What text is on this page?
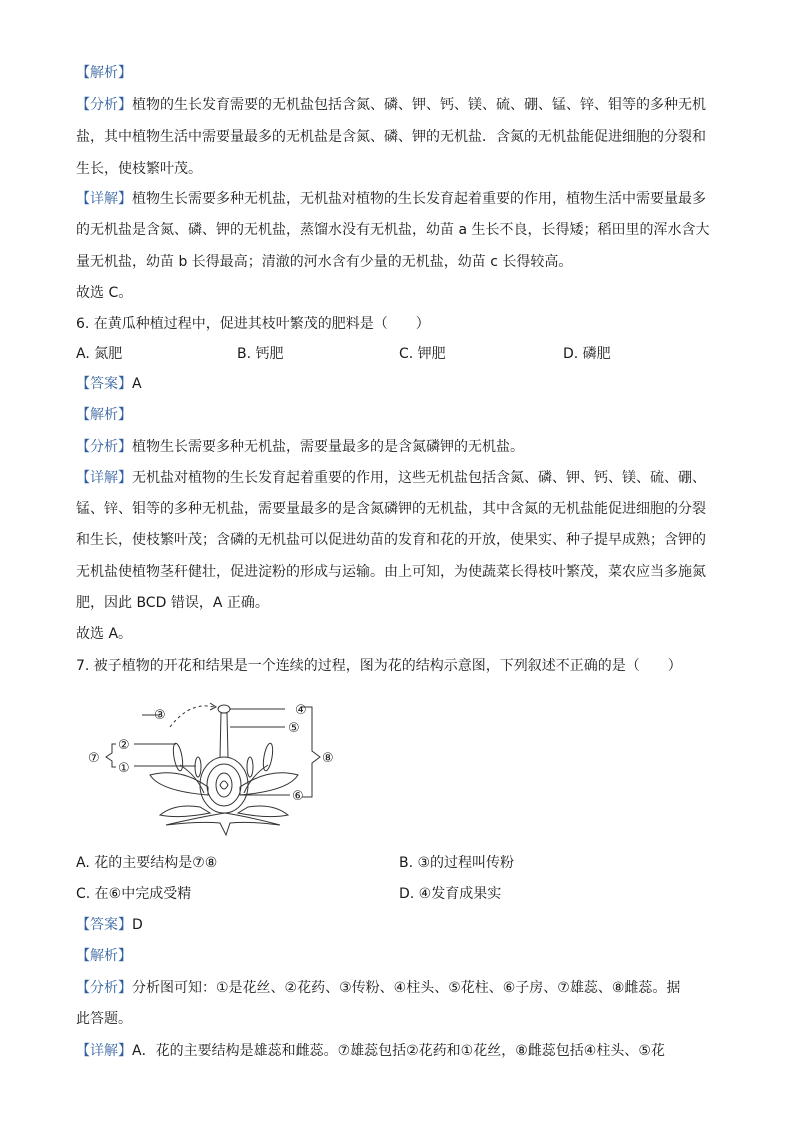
【解析】
【分析】植物的生长发育需要的无机盐包括含氮、磷、钾、钙、镁、硫、硼、锰、锌、钼等的多种无机
盐，其中植物生活中需要量最多的无机盐是含氮、磷、钾的无机盐．含氮的无机盐能促进细胞的分裂和
生长，使枝繁叶茂。
【详解】植物生长需要多种无机盐，无机盐对植物的生长发育起着重要的作用，植物生活中需要量最多
的无机盐是含氮、磷、钾的无机盐，蒸馏水没有无机盐，幼苗 a 生长不良，长得矮；稻田里的浑水含大
量无机盐，幼苗 b 长得最高；清澈的河水含有少量的无机盐，幼苗 c 长得较高。
故选 C。
6. 在黄瓜种植过程中，促进其枝叶繁茂的肥料是（　　）
A. 氮肥	B. 钙肥	C. 钾肥	D. 磷肥
【答案】A
【解析】
【分析】植物生长需要多种无机盐，需要量最多的是含氮磷钾的无机盐。
【详解】无机盐对植物的生长发育起着重要的作用，这些无机盐包括含氮、磷、钾、钙、镁、硫、硼、
锰、锌、钼等的多种无机盐，需要量最多的是含氮磷钾的无机盐，其中含氮的无机盐能促进细胞的分裂
和生长，使枝繁叶茂；含磷的无机盐可以促进幼苗的发育和花的开放，使果实、种子提早成熟；含钾的
无机盐使植物茎秆健壮，促进淀粉的形成与运输。由上可知，为使蔬菜长得枝叶繁茂，菜农应当多施氮
肥，因此 BCD 错误，A 正确。
故选 A。
7. 被子植物的开花和结果是一个连续的过程，图为花的结构示意图，下列叙述不正确的是（　　）
④
⑤
③
②
①
⑦	⑧
⑥
A. 花的主要结构是⑦⑧	B. ③的过程叫传粉
C. 在⑥中完成受精	D. ④发育成果实
【答案】D
【解析】
【分析】分析图可知：①是花丝、②花药、③传粉、④柱头、⑤花柱、⑥子房、⑦雄蕊、⑧雌蕊。据
此答题。
【详解】A．花的主要结构是雄蕊和雌蕊。⑦雄蕊包括②花药和①花丝，⑧雌蕊包括④柱头、⑤花
